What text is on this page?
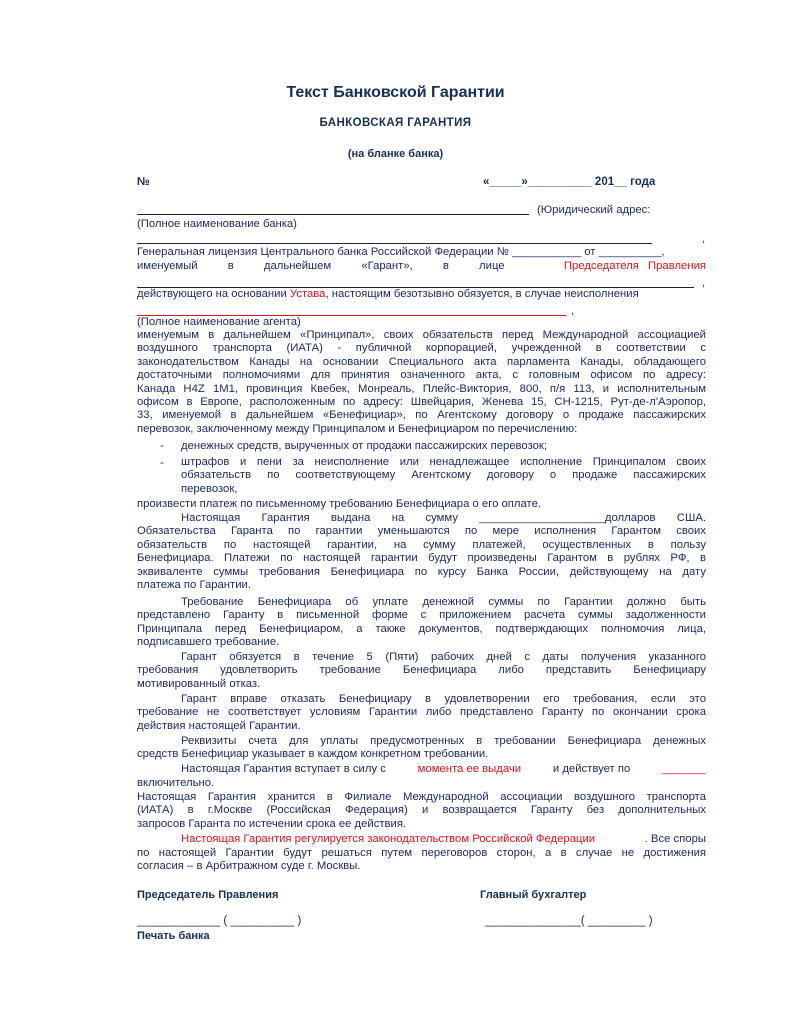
Текст Банковской Гарантии
БАНКОВСКАЯ ГАРАНТИЯ
(на бланке банка)
№	«_____»__________ 201__ года
(Юридический адрес:
(Полное наименование банка)
,
Генеральная лицензия Центрального банка Российской Федерации № ___________ от __________,
именуемый в дальнейшем «Гарант», в лице	Председателя Правления
,
действующего на основании Устава, настоящим безотзывно обязуется, в случае неисполнения
,
(Полное наименование агента)
именуемым в дальнейшем «Принципал», своих обязательств перед Международной ассоциацией
воздушного транспорта (ИАТА) - публичной корпорацией, учрежденной в соответствии с
законодательством Канады на основании Специального акта парламента Канады, обладающего
достаточными полномочиями для принятия означенного акта, с головным офисом по адресу:
Канада H4Z 1M1, провинция Квебек, Монреаль, Плейс-Виктория, 800, п/я 113, и исполнительным
офисом в Европе, расположенным по адресу: Швейцария, Женева 15, CH-1215, Рут-де-л'Аэропор,
33, именуемой в дальнейшем «Бенефициар», по Агентскому договору о продаже пассажирских
перевозок, заключенному между Принципалом и Бенефициаром по перечислению:
- денежных средств, вырученных от продажи пассажирских перевозок;
- штрафов и пени за неисполнение или ненадлежащее исполнение Принципалом своих
обязательств по соответствующему Агентскому договору о продаже пассажирских
перевозок,
произвести платеж по письменному требованию Бенефициара о его оплате.
Настоящая Гарантия выдана на сумму ____________________долларов США.
Обязательства Гаранта по гарантии уменьшаются по мере исполнения Гарантом своих
обязательств по настоящей гарантии, на сумму платежей, осуществленных в пользу
Бенефициара. Платежи по настоящей гарантии будут произведены Гарантом в рублях РФ, в
эквиваленте суммы требования Бенефициара по курсу Банка России, действующему на дату
платежа по Гарантии.
Требование Бенефициара об уплате денежной суммы по Гарантии должно быть
представлено Гаранту в письменной форме с приложением расчета суммы задолженности
Принципала перед Бенефициаром, а также документов, подтверждающих полномочия лица,
подписавшего требование.
Гарант обязуется в течение 5 (Пяти) рабочих дней с даты получения указанного
требования удовлетворить требование Бенефициара либо представить Бенефициару
мотивированный отказ.
Гарант вправе отказать Бенефициару в удовлетворении его требования, если это
требование не соответствует условиям Гарантии либо представлено Гаранту по окончании срока
действия настоящей Гарантии.
Реквизиты счета для уплаты предусмотренных в требовании Бенефициара денежных
средств Бенефициар указывает в каждом конкретном требовании.
Настоящая Гарантия вступает в силу с	момента ее выдачи	и действует по	_______
включительно.
Настоящая Гарантия хранится в Филиале Международной ассоциации воздушного транспорта
(ИАТА) в г.Москве (Российская Федерация) и возвращается Гаранту без дополнительных
запросов Гаранта по истечении срока ее действия.
Настоящая Гарантия регулируется законодательством Российской Федерации	. Все споры
по настоящей Гарантии будут решаться путем переговоров сторон, а в случае не достижения
согласия – в Арбитражном суде г. Москвы.
Председатель Правления	Главный бухгалтер
_____________ ( __________ )	_______________( _________ )
Печать банка
